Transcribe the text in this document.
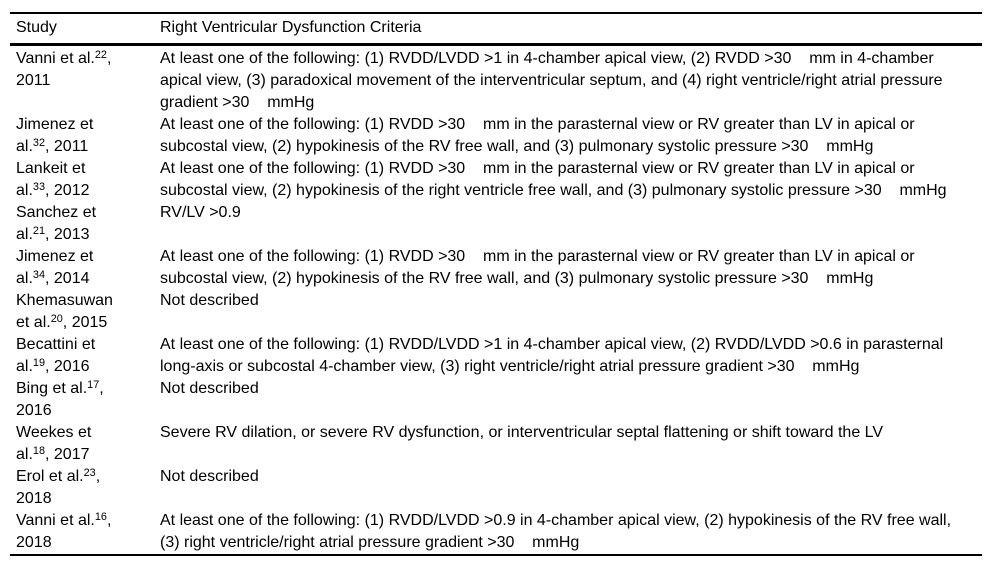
Study	Right Ventricular Dysfunction Criteria
Vanni et al.$^{22}$, 2011	At least one of the following: (1) RVDD/LVDD >1 in 4-chamber apical view, (2) RVDD >30    mm in 4-chamber apical view, (3) paradoxical movement of the interventricular septum, and (4) right ventricle/right atrial pressure gradient >30    mmHg
Jimenez et al.$^{32}$, 2011	At least one of the following: (1) RVDD >30    mm in the parasternal view or RV greater than LV in apical or subcostal view, (2) hypokinesis of the RV free wall, and (3) pulmonary systolic pressure >30    mmHg
Lankeit et al.$^{33}$, 2012	At least one of the following: (1) RVDD >30    mm in the parasternal view or RV greater than LV in apical or subcostal view, (2) hypokinesis of the right ventricle free wall, and (3) pulmonary systolic pressure >30    mmHg
Sanchez et al.$^{21}$, 2013	RV/LV >0.9
Jimenez et al.$^{34}$, 2014	At least one of the following: (1) RVDD >30    mm in the parasternal view or RV greater than LV in apical or subcostal view, (2) hypokinesis of the RV free wall, and (3) pulmonary systolic pressure >30    mmHg
Khemasuwan et al.$^{20}$, 2015	Not described
Becattini et al.$^{19}$, 2016	At least one of the following: (1) RVDD/LVDD >1 in 4-chamber apical view, (2) RVDD/LVDD >0.6 in parasternal long-axis or subcostal 4-chamber view, (3) right ventricle/right atrial pressure gradient >30    mmHg
Bing et al.$^{17}$, 2016	Not described
Weekes et al.$^{18}$, 2017	Severe RV dilation, or severe RV dysfunction, or interventricular septal flattening or shift toward the LV
Erol et al.$^{23}$, 2018	Not described
Vanni et al.$^{16}$, 2018	At least one of the following: (1) RVDD/LVDD >0.9 in 4-chamber apical view, (2) hypokinesis of the RV free wall, (3) right ventricle/right atrial pressure gradient >30    mmHg
